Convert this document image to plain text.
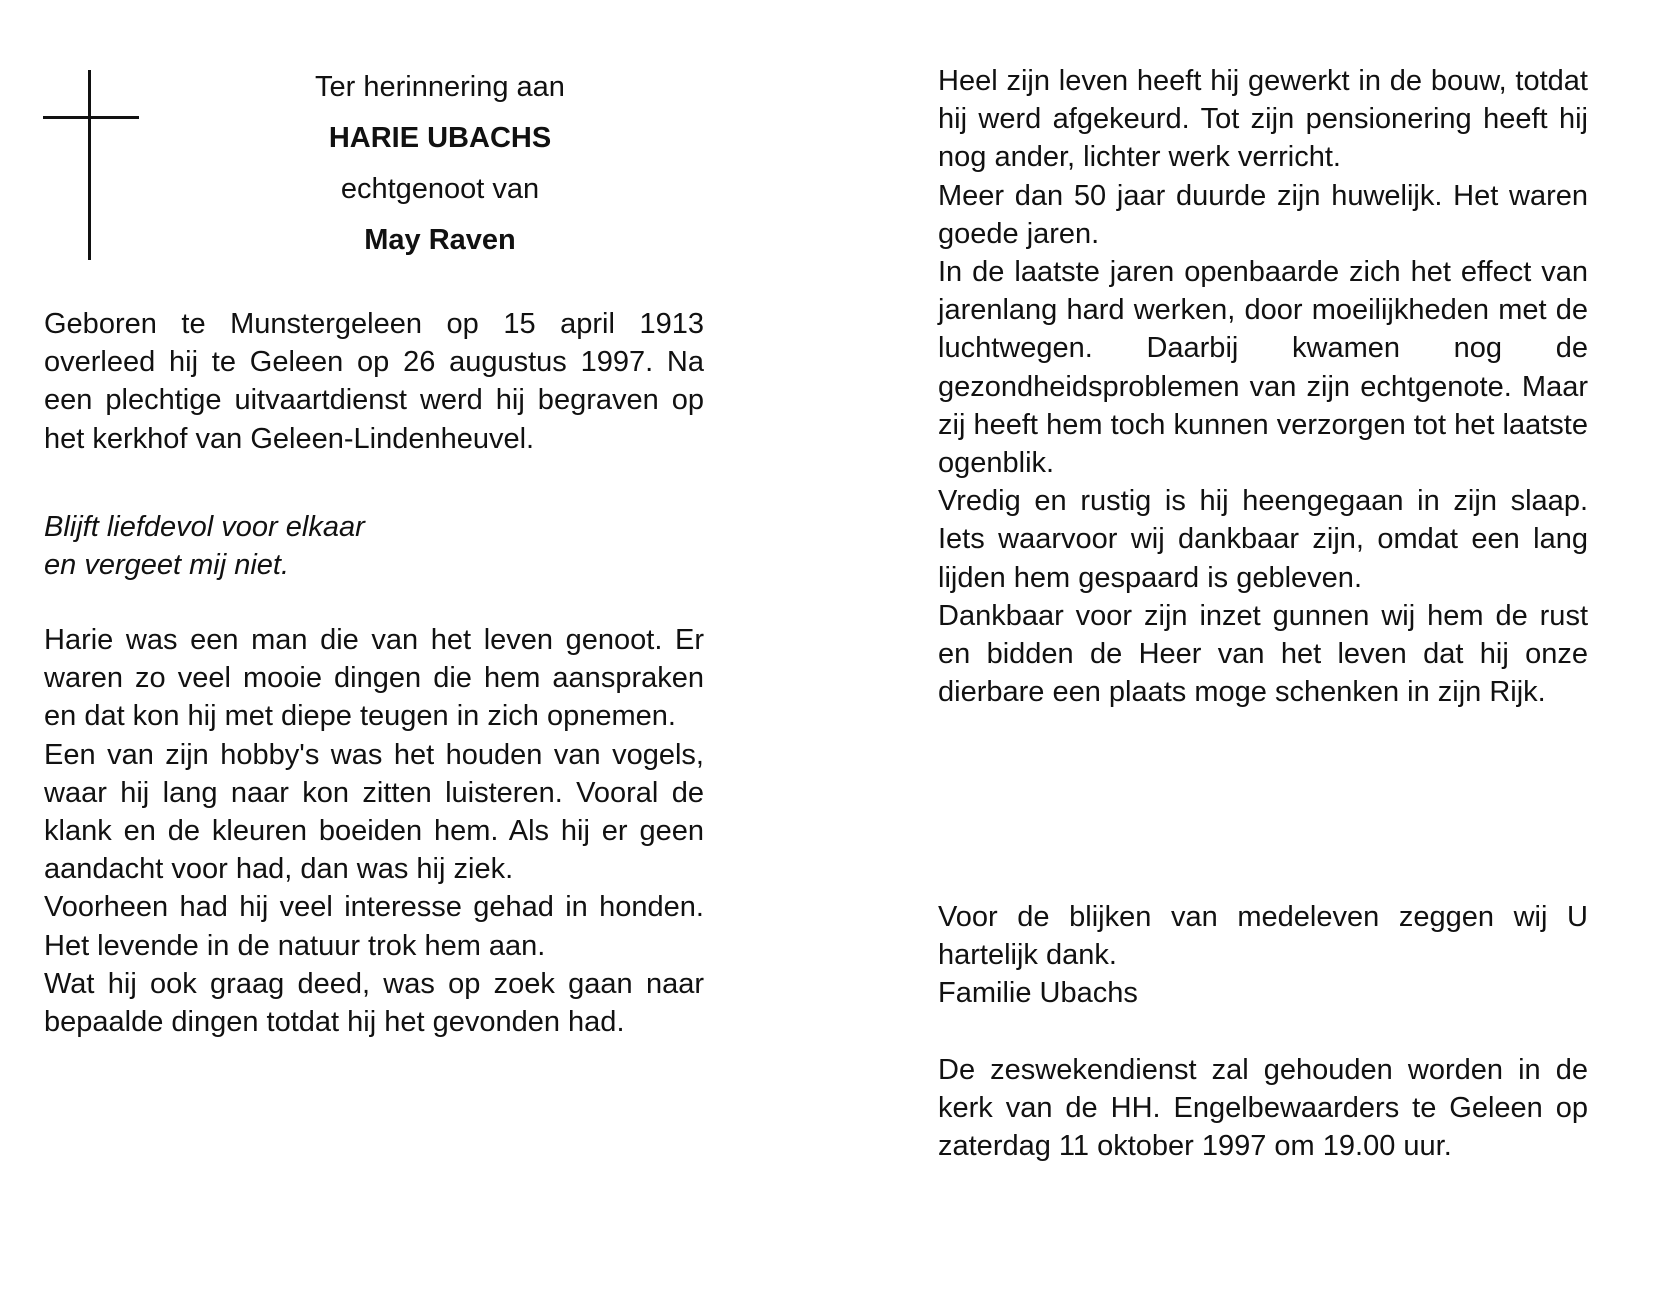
Ter herinnering aan
HARIE UBACHS
echtgenoot van
May Raven

Geboren te Munstergeleen op 15 april 1913 overleed hij te Geleen op 26 augustus 1997. Na een plechtige uitvaartdienst werd hij begraven op het kerkhof van Geleen-Lindenheuvel.

Blijft liefdevol voor elkaar

en vergeet mij niet.

Harie was een man die van het leven genoot. Er waren zo veel mooie dingen die hem aanspraken en dat kon hij met diepe teugen in zich opnemen.

Een van zijn hobby's was het houden van vogels, waar hij lang naar kon zitten luisteren. Vooral de klank en de kleuren boeiden hem. Als hij er geen aandacht voor had, dan was hij ziek.

Voorheen had hij veel interesse gehad in honden. Het levende in de natuur trok hem aan.

Wat hij ook graag deed, was op zoek gaan naar bepaalde dingen totdat hij het gevonden had.

Heel zijn leven heeft hij gewerkt in de bouw, totdat hij werd afgekeurd. Tot zijn pensionering heeft hij nog ander, lichter werk verricht.

Meer dan 50 jaar duurde zijn huwelijk. Het waren goede jaren.

In de laatste jaren openbaarde zich het effect van jarenlang hard werken, door moeilijkheden met de luchtwegen. Daarbij kwamen nog de gezondheidsproblemen van zijn echtgenote. Maar zij heeft hem toch kunnen verzorgen tot het laatste ogenblik.

Vredig en rustig is hij heengegaan in zijn slaap. Iets waarvoor wij dankbaar zijn, omdat een lang lijden hem gespaard is gebleven.

Dankbaar voor zijn inzet gunnen wij hem de rust en bidden de Heer van het leven dat hij onze dierbare een plaats moge schenken in zijn Rijk.

Voor de blijken van medeleven zeggen wij U hartelijk dank.

Familie Ubachs

De zeswekendienst zal gehouden worden in de kerk van de HH. Engelbewaarders te Geleen op zaterdag 11 oktober 1997 om 19.00 uur.
